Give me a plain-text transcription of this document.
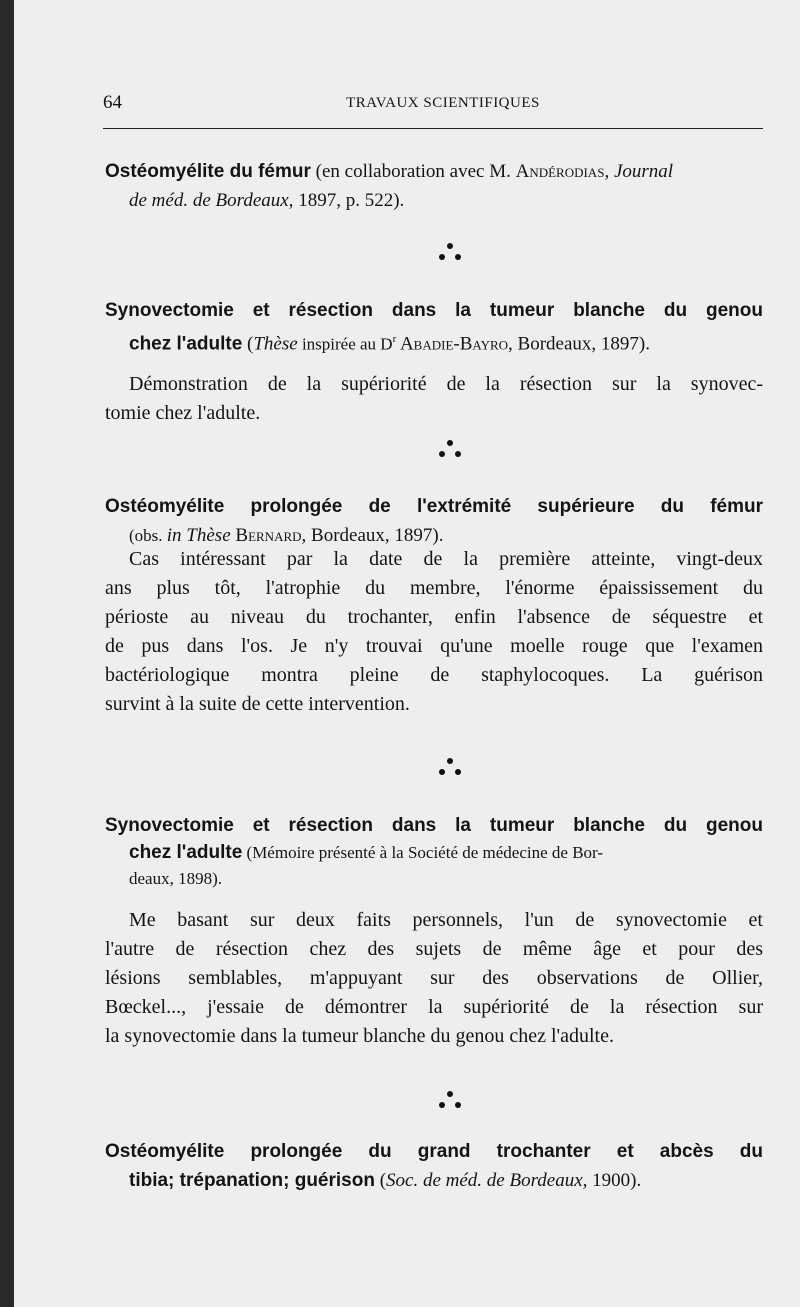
64	TRAVAUX SCIENTIFIQUES
Ostéomyélite du fémur (en collaboration avec M. Andérodias, Journal
de méd. de Bordeaux, 1897, p. 522).
Synovectomie et résection dans la tumeur blanche du genou
chez l'adulte (Thèse inspirée au $D^r$ Abadie-Bayro, Bordeaux, 1897).
Démonstration de la supériorité de la résection sur la synovec-
tomie chez l'adulte.
Ostéomyélite prolongée de l'extrémité supérieure du fémur
(obs. in Thèse Bernard, Bordeaux, 1897).
Cas intéressant par la date de la première atteinte, vingt-deux
ans plus tôt, l'atrophie du membre, l'énorme épaississement du
périoste au niveau du trochanter, enfin l'absence de séquestre et
de pus dans l'os. Je n'y trouvai qu'une moelle rouge que l'examen
bactériologique montra pleine de staphylocoques. La guérison
survint à la suite de cette intervention.
Synovectomie et résection dans la tumeur blanche du genou
chez l'adulte (Mémoire présenté à la Société de médecine de Bor-
deaux, 1898).
Me basant sur deux faits personnels, l'un de synovectomie et
l'autre de résection chez des sujets de même âge et pour des
lésions semblables, m'appuyant sur des observations de Ollier,
Bœckel..., j'essaie de démontrer la supériorité de la résection sur
la synovectomie dans la tumeur blanche du genou chez l'adulte.
Ostéomyélite prolongée du grand trochanter et abcès du
tibia; trépanation; guérison (Soc. de méd. de Bordeaux, 1900).
